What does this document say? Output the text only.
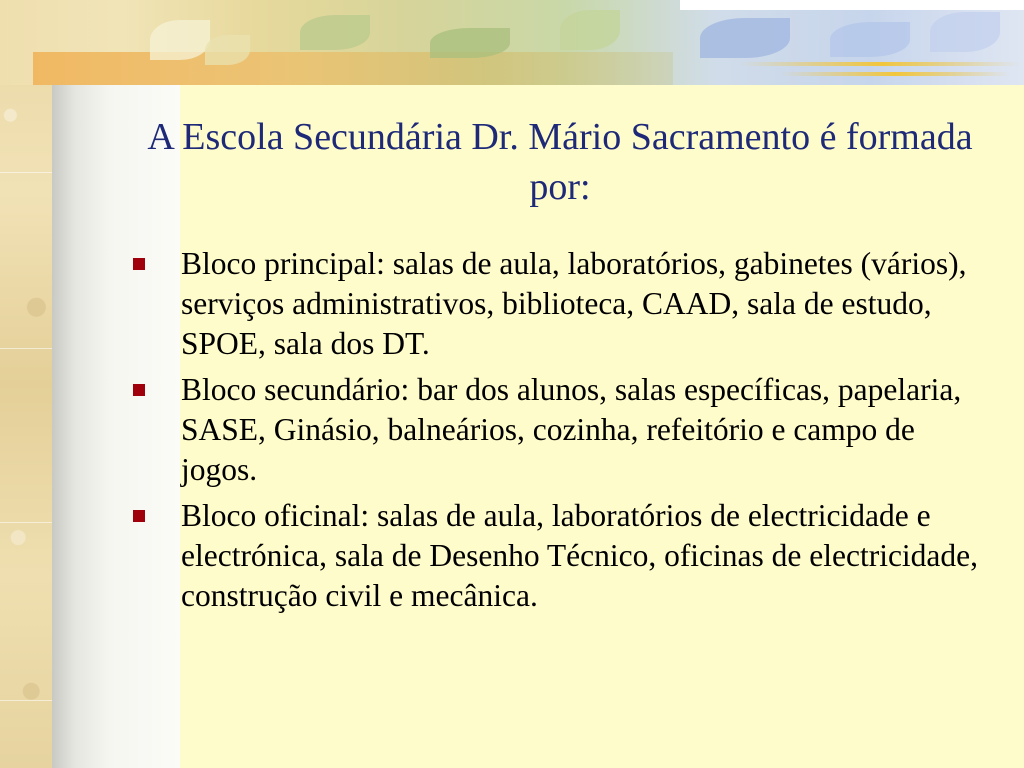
A Escola Secundária Dr. Mário Sacramento é formada por:
Bloco principal: salas de aula, laboratórios, gabinetes (vários), serviços administrativos, biblioteca, CAAD, sala de estudo, SPOE, sala dos DT.
Bloco secundário: bar dos alunos, salas específicas, papelaria, SASE, Ginásio, balneários, cozinha, refeitório e campo de jogos.
Bloco oficinal: salas de aula, laboratórios de electricidade e electrónica, sala de Desenho Técnico, oficinas de electricidade, construção civil e mecânica.
